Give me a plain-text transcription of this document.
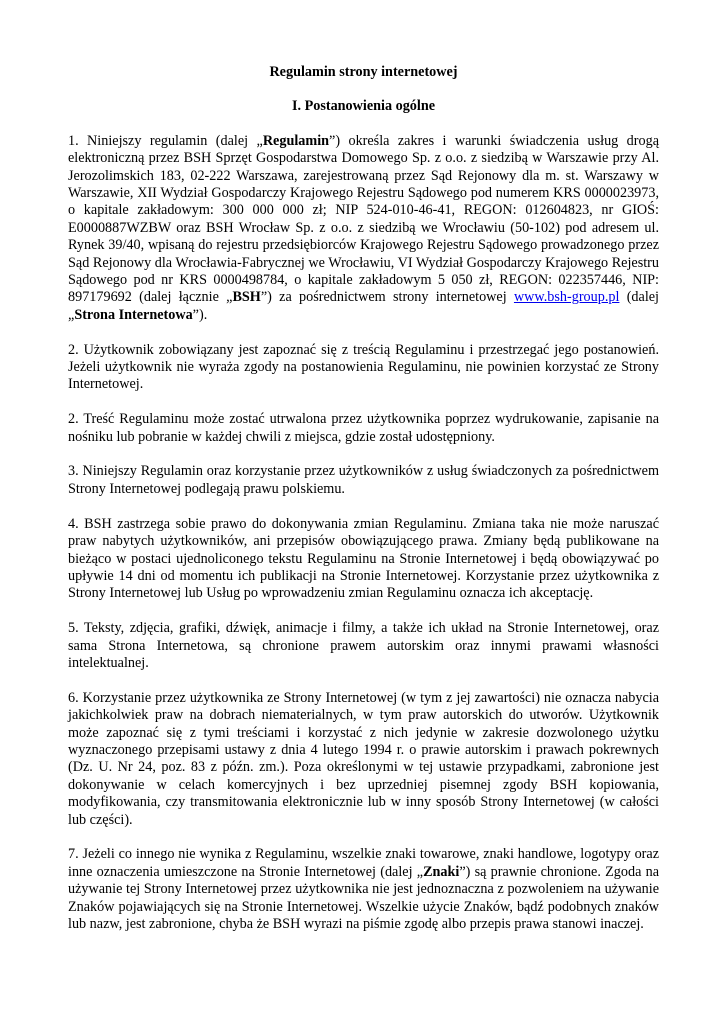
Regulamin strony internetowej
I. Postanowienia ogólne

1. Niniejszy regulamin (dalej „Regulamin”) określa zakres i warunki świadczenia usług drogą elektroniczną przez BSH Sprzęt Gospodarstwa Domowego Sp. z o.o. z siedzibą w Warszawie przy Al. Jerozolimskich 183, 02-222 Warszawa, zarejestrowaną przez Sąd Rejonowy dla m. st. Warszawy w Warszawie, XII Wydział Gospodarczy Krajowego Rejestru Sądowego pod numerem KRS 0000023973, o kapitale zakładowym: 300 000 000 zł; NIP 524-010-46-41, REGON: 012604823, nr GIOŚ: E0000887WZBW oraz BSH Wrocław Sp. z o.o. z siedzibą we Wrocławiu (50-102) pod adresem ul. Rynek 39/40, wpisaną do rejestru przedsiębiorców Krajowego Rejestru Sądowego prowadzonego przez Sąd Rejonowy dla Wrocławia-Fabrycznej we Wrocławiu, VI Wydział Gospodarczy Krajowego Rejestru Sądowego pod nr KRS 0000498784, o kapitale zakładowym 5 050 zł, REGON: 022357446, NIP: 897179692 (dalej łącznie „BSH”) za pośrednictwem strony internetowej www.bsh-group.pl (dalej „Strona Internetowa”).

2. Użytkownik zobowiązany jest zapoznać się z treścią Regulaminu i przestrzegać jego postanowień. Jeżeli użytkownik nie wyraża zgody na postanowienia Regulaminu, nie powinien korzystać ze Strony Internetowej.

2. Treść Regulaminu może zostać utrwalona przez użytkownika poprzez wydrukowanie, zapisanie na nośniku lub pobranie w każdej chwili z miejsca, gdzie został udostępniony.

3. Niniejszy Regulamin oraz korzystanie przez użytkowników z usług świadczonych za pośrednictwem Strony Internetowej podlegają prawu polskiemu.

4. BSH zastrzega sobie prawo do dokonywania zmian Regulaminu. Zmiana taka nie może naruszać praw nabytych użytkowników, ani przepisów obowiązującego prawa. Zmiany będą publikowane na bieżąco w postaci ujednoliconego tekstu Regulaminu na Stronie Internetowej i będą obowiązywać po upływie 14 dni od momentu ich publikacji na Stronie Internetowej. Korzystanie przez użytkownika z Strony Internetowej lub Usług po wprowadzeniu zmian Regulaminu oznacza ich akceptację.

5. Teksty, zdjęcia, grafiki, dźwięk, animacje i filmy, a także ich układ na Stronie Internetowej, oraz sama Strona Internetowa, są chronione prawem autorskim oraz innymi prawami własności intelektualnej.

6. Korzystanie przez użytkownika ze Strony Internetowej (w tym z jej zawartości) nie oznacza nabycia jakichkolwiek praw na dobrach niematerialnych, w tym praw autorskich do utworów. Użytkownik może zapoznać się z tymi treściami i korzystać z nich jedynie w zakresie dozwolonego użytku wyznaczonego przepisami ustawy z dnia 4 lutego 1994 r. o prawie autorskim i prawach pokrewnych (Dz. U. Nr 24, poz. 83 z późn. zm.). Poza określonymi w tej ustawie przypadkami, zabronione jest dokonywanie w celach komercyjnych i bez uprzedniej pisemnej zgody BSH kopiowania, modyfikowania, czy transmitowania elektronicznie lub w inny sposób Strony Internetowej (w całości lub części).

7. Jeżeli co innego nie wynika z Regulaminu, wszelkie znaki towarowe, znaki handlowe, logotypy oraz inne oznaczenia umieszczone na Stronie Internetowej (dalej „Znaki”) są prawnie chronione. Zgoda na używanie tej Strony Internetowej przez użytkownika nie jest jednoznaczna z pozwoleniem na używanie Znaków pojawiających się na Stronie Internetowej. Wszelkie użycie Znaków, bądź podobnych znaków lub nazw, jest zabronione, chyba że BSH wyrazi na piśmie zgodę albo przepis prawa stanowi inaczej.
